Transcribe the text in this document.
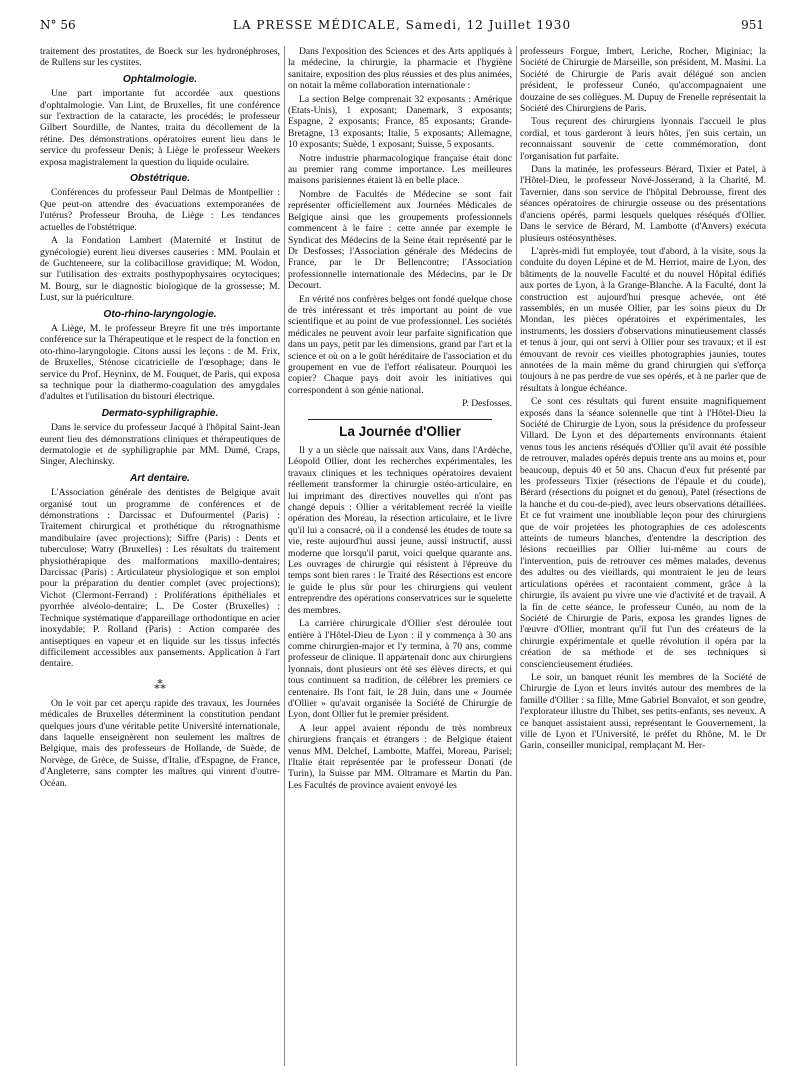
N° 56	LA PRESSE MÉDICALE, Samedi, 12 Juillet 1930	951

traitement des prostatites, de Boeck sur les hydronéphroses, de Rullens sur les cystites.

Ophtalmologie.

Une part importante fut accordée aux questions d'ophtalmologie. Van Lint, de Bruxelles, fit une conférence sur l'extraction de la cataracte, les procédés; le professeur Gilbert Sourdille, de Nantes, traita du décollement de la rétine. Des démonstrations opératoires eurent lieu dans le service du professeur Denis; à Liège le professeur Weekers exposa magistralement la question du liquide oculaire.

Obstétrique.

Conférences du professeur Paul Delmas de Montpellier : Que peut-on attendre des évacuations extemporanées de l'utérus? Professeur Brouha, de Liège : Les tendances actuelles de l'obstétrique.

A la Fondation Lambert (Maternité et Institut de gynécologie) eurent lieu diverses causeries : MM. Poulain et de Guchteneere, sur la colibacillose gravidique; M. Wodon, sur l'utilisation des extraits posthypophysaires ocytociques; M. Bourg, sur le diagnostic biologique de la grossesse; M. Lust, sur la puériculture.

Oto-rhino-laryngologie.

A Liège, M. le professeur Breyre fit une très importante conférence sur la Thérapeutique et le respect de la fonction en oto-rhino-laryngologie. Citons aussi les leçons : de M. Frix, de Bruxelles, Sténose cicatricielle de l'œsophage; dans le service du Prof. Heyninx, de M. Fouquet, de Paris, qui exposa sa technique pour la diathermo-coagulation des amygdales d'adultes et l'utilisation du bistouri électrique.

Dermato-syphiligraphie.

Dans le service du professeur Jacqué à l'hôpital Saint-Jean eurent lieu des démonstrations cliniques et thérapeutiques de dermatologie et de syphiligraphie par MM. Dumé, Craps, Singer, Alechinsky.

Art dentaire.

L'Association générale des dentistes de Belgique avait organisé tout un programme de conférences et de démonstrations : Darcissac et Dufourmentel (Paris) : Traitement chirurgical et prothétique du rétrognathisme mandibulaire (avec projections); Siffre (Paris) : Dents et tuberculose; Watry (Bruxelles) : Les résultats du traitement physiothérapique des malformations maxillo-dentaires; Darcissac (Paris) : Articulateur physiologique et son emploi pour la préparation du dentier complet (avec projections); Vichot (Clermont-Ferrand) : Proliférations épithéliales et pyorrhée alvéolo-dentaire; L. De Coster (Bruxelles) : Technique systématique d'appareillage orthodontique en acier inoxydable; P. Rolland (Paris) : Action comparée des antiseptiques en vapeur et en liquide sur les tissus infectés difficilement accessibles aux pansements. Application à l'art dentaire.

⁂

On le voit par cet aperçu rapide des travaux, les Journées médicales de Bruxelles déterminent la constitution pendant quelques jours d'une véritable petite Université internationale, dans laquelle enseignèrent non seulement les maîtres de Belgique, mais des professeurs de Hollande, de Suède, de Norvège, de Grèce, de Suisse, d'Italie, d'Espagne, de France, d'Angleterre, sans compter les maîtres qui vinrent d'outre-Océan.

Dans l'exposition des Sciences et des Arts appliqués à la médecine, la chirurgie, la pharmacie et l'hygiène sanitaire, exposition des plus réussies et des plus animées, on notait la même collaboration internationale :

La section Belge comprenait 32 exposants : Amérique (Etats-Unis), 1 exposant; Danemark, 3 exposants; Espagne, 2 exposants; France, 85 exposants; Grande-Bretagne, 13 exposants; Italie, 5 exposants; Allemagne, 10 exposants; Suède, 1 exposant; Suisse, 5 exposants.

Notre industrie pharmacologique française était donc au premier rang comme importance. Les meilleures maisons parisiennes étaient là en belle place.

Nombre de Facultés de Médecine se sont fait représenter officiellement aux Journées Médicales de Belgique ainsi que les groupements professionnels commencent à le faire : cette année par exemple le Syndicat des Médecins de la Seine était représenté par le Dr Desfosses; l'Association générale des Médecins de France, par le Dr Bellencontre; l'Association professionnelle internationale des Médecins, par le Dr Decourt.

En vérité nos confrères belges ont fondé quelque chose de très intéressant et très important au point de vue scientifique et au point de vue professionnel. Les sociétés médicales ne peuvent avoir leur parfaite signification que dans un pays, petit par les dimensions, grand par l'art et la science et où on a le goût héréditaire de l'association et du groupement en vue de l'effort réalisateur. Pourquoi les copier? Chaque pays doit avoir les initiatives qui correspondent à son génie national.

P. Desfosses.
La Journée d'Ollier

Il y a un siècle que naissait aux Vans, dans l'Ardèche, Léopold Ollier, dont les recherches expérimentales, les travaux cliniques et les techniques opératoires devaient réellement transformer la chirurgie ostéo-articulaire, en lui imprimant des directives nouvelles qui n'ont pas changé depuis : Ollier a véritablement recréé la vieille opération des Moreau, la résection articulaire, et le livre qu'il lui a consacré, où il a condensé les études de toute sa vie, reste aujourd'hui aussi jeune, aussi instructif, aussi moderne que lorsqu'il parut, voici quelque quarante ans. Les ouvrages de chirurgie qui résistent à l'épreuve du temps sont bien rares : le Traité des Résections est encore le guide le plus sûr pour les chirurgiens qui veulent entreprendre des opérations conservatrices sur le squelette des membres.

La carrière chirurgicale d'Ollier s'est déroulée tout entière à l'Hôtel-Dieu de Lyon : il y commença à 30 ans comme chirurgien-major et l'y termina, à 70 ans, comme professeur de clinique. Il appartenait donc aux chirurgiens lyonnais, dont plusieurs ont été ses élèves directs, et qui tous continuent sa tradition, de célébrer les premiers ce centenaire. Ils l'ont fait, le 28 Juin, dans une « Journée d'Ollier » qu'avait organisée la Société de Chirurgie de Lyon, dont Ollier fut le premier président.

A leur appel avaient répondu de très nombreux chirurgiens français et étrangers : de Belgique étaient venus MM. Delchef, Lambotte, Maffei, Moreau, Parisel; l'Italie était représentée par le professeur Donati (de Turin), la Suisse par MM. Oltramare et Martin du Pan. Les Facultés de province avaient envoyé les

professeurs Forgue, Imbert, Leriche, Rocher, Miginiac; la Société de Chirurgie de Marseille, son président, M. Masini. La Société de Chirurgie de Paris avait délégué son ancien président, le professeur Cunéo, qu'accompagnaient une douzaine de ses collègues. M. Dupuy de Frenelle représentait la Société des Chirurgiens de Paris.

Tous reçurent des chirurgiens lyonnais l'accueil le plus cordial, et tous garderont à leurs hôtes, j'en suis certain, un reconnaissant souvenir de cette commémoration, dont l'organisation fut parfaite.

Dans la matinée, les professeurs Bérard, Tixier et Patel, à l'Hôtel-Dieu, le professeur Nové-Josserand, à la Charité, M. Tavernier, dans son service de l'hôpital Debrousse, firent des séances opératoires de chirurgie osseuse ou des présentations d'anciens opérés, parmi lesquels quelques réséqués d'Ollier. Dans le service de Bérard, M. Lambotte (d'Anvers) exécuta plusieurs ostéosynthèses.

L'après-midi fut employée, tout d'abord, à la visite, sous la conduite du doyen Lépine et de M. Herriot, maire de Lyon, des bâtiments de la nouvelle Faculté et du nouvel Hôpital édifiés aux portes de Lyon, à la Grange-Blanche. A la Faculté, dont la construction est aujourd'hui presque achevée, ont été rassemblés, en un musée Ollier, par les soins pieux du Dr Mondan, les pièces opératoires et expérimentales, les instruments, les dossiers d'observations minutieusement classés et tenus à jour, qui ont servi à Ollier pour ses travaux; et il est émouvant de revoir ces vieilles photographies jaunies, toutes annotées de la main même du grand chirurgien qui s'efforça toujours à ne pas perdre de vue ses opérés, et à ne parler que de résultats à longue échéance.

Ce sont ces résultats qui furent ensuite magnifiquement exposés dans la séance solennelle que tint à l'Hôtel-Dieu la Société de Chirurgie de Lyon, sous la présidence du professeur Villard. De Lyon et des départements environnants étaient venus tous les anciens réséqués d'Ollier qu'il avait été possible de retrouver, malades opérés depuis trente ans au moins et, pour beaucoup, depuis 40 et 50 ans. Chacun d'eux fut présenté par les professeurs Tixier (résections de l'épaule et du coude), Bérard (résections du poignet et du genou), Patel (résections de la hanche et du cou-de-pied), avec leurs observations détaillées. Et ce fut vraiment une inoubliable leçon pour des chirurgiens que de voir projetées les photographies de ces adolescents atteints de tumeurs blanches, d'entendre la description des lésions recueillies par Ollier lui-même au cours de l'intervention, puis de retrouver ces mêmes malades, devenus des adultes ou des vieillards, qui montraient le jeu de leurs articulations opérées et racontaient comment, grâce à la chirurgie, ils avaient pu vivre une vie d'activité et de travail. A la fin de cette séance, le professeur Cunéo, au nom de la Société de Chirurgie de Paris, exposa les grandes lignes de l'œuvre d'Ollier, montrant qu'il fut l'un des créateurs de la chirurgie expérimentale et quelle révolution il opéra par la création de sa méthode et de ses techniques si consciencieusement étudiées.

Le soir, un banquet réunit les membres de la Société de Chirurgie de Lyon et leurs invités autour des membres de la famille d'Ollier : sa fille, Mme Gabriel Bonvalot, et son gendre, l'explorateur illustre du Thibet, ses petits-enfants, ses neveux. A ce banquet assistaient aussi, représentant le Gouvernement, la ville de Lyon et l'Université, le préfet du Rhône, M. le Dr Garin, conseiller municipal, remplaçant M. Her-
